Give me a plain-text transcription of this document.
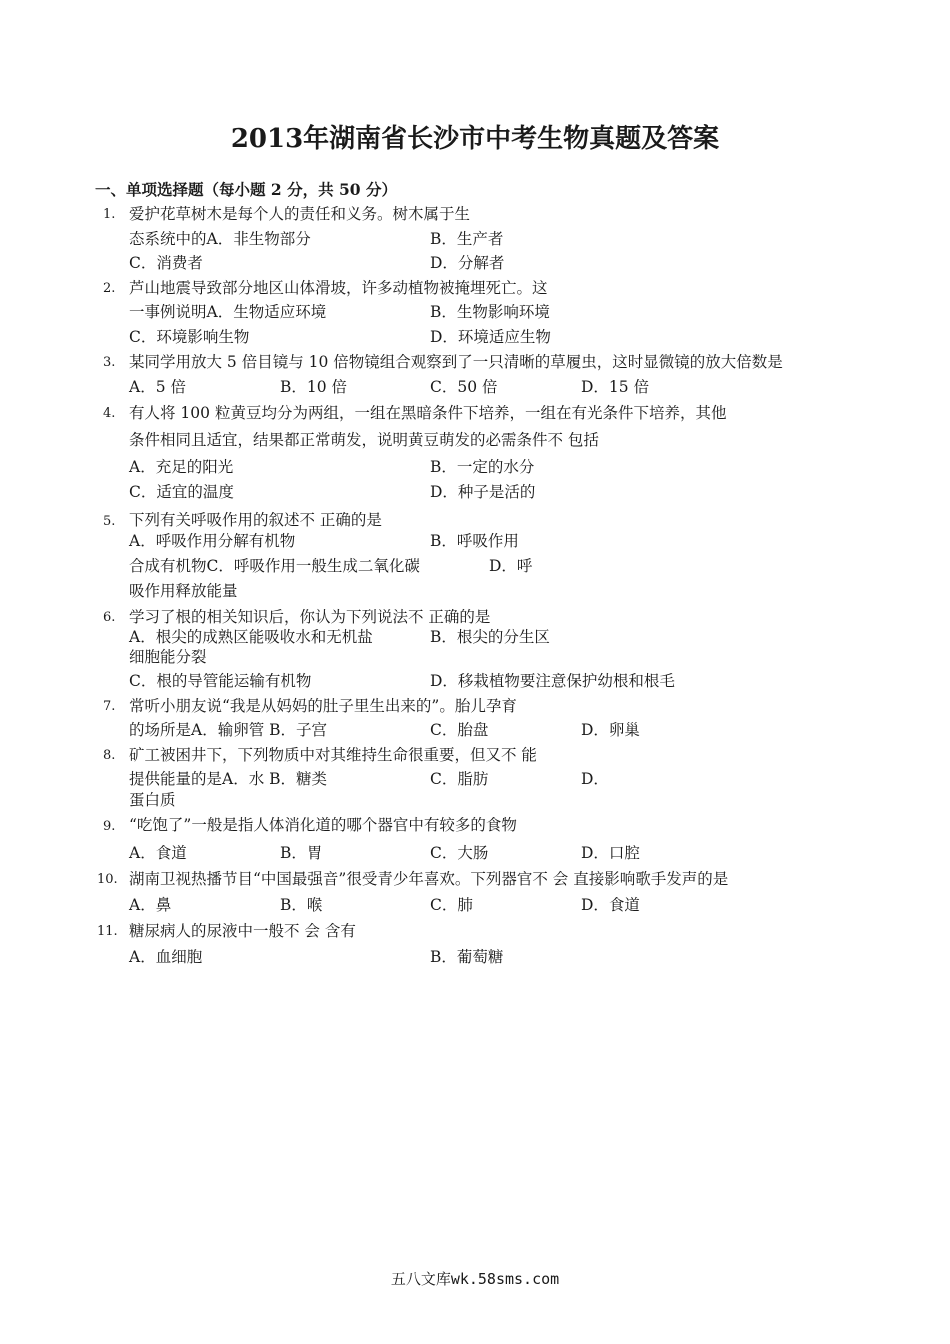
2013年湖南省长沙市中考生物真题及答案
一、单项选择题（每小题 2 分，共 50 分）
1. 爱护花草树木是每个人的责任和义务。树木属于生
态系统中的A．非生物部分	B．生产者
C．消费者	D．分解者
2. 芦山地震导致部分地区山体滑坡，许多动植物被掩埋死亡。这
一事例说明A．生物适应环境	B．生物影响环境
C．环境影响生物	D．环境适应生物
3. 某同学用放大 5 倍目镜与 10 倍物镜组合观察到了一只清晰的草履虫，这时显微镜的放大倍数是
A．5 倍	B．10 倍	C．50 倍	D．15 倍
4. 有人将 100 粒黄豆均分为两组，一组在黑暗条件下培养，一组在有光条件下培养，其他
条件相同且适宜，结果都正常萌发，说明黄豆萌发的必需条件不 包括
A．充足的阳光	B．一定的水分
C．适宜的温度	D．种子是活的
5. 下列有关呼吸作用的叙述不 正确的是
A．呼吸作用分解有机物	B．呼吸作用
合成有机物C．呼吸作用一般生成二氧化碳	D．呼
吸作用释放能量
6. 学习了根的相关知识后，你认为下列说法不 正确的是
A．根尖的成熟区能吸收水和无机盐	B．根尖的分生区
细胞能分裂
C．根的导管能运输有机物	D．移栽植物要注意保护幼根和根毛
7. 常听小朋友说“我是从妈妈的肚子里生出来的”。胎儿孕育
的场所是A．输卵管 B．子宫	C．胎盘	D．卵巢
8. 矿工被困井下，下列物质中对其维持生命很重要，但又不 能
提供能量的是A．水 B．糖类	C．脂肪	D．
蛋白质
9. “吃饱了”一般是指人体消化道的哪个器官中有较多的食物
A．食道	B．胃	C．大肠	D．口腔
10. 湖南卫视热播节目“中国最强音”很受青少年喜欢。下列器官不 会 直接影响歌手发声的是
A．鼻	B．喉	C．肺	D．食道
11. 糖尿病人的尿液中一般不 会 含有
A．血细胞	B．葡萄糖
五八文库wk.58sms.com
